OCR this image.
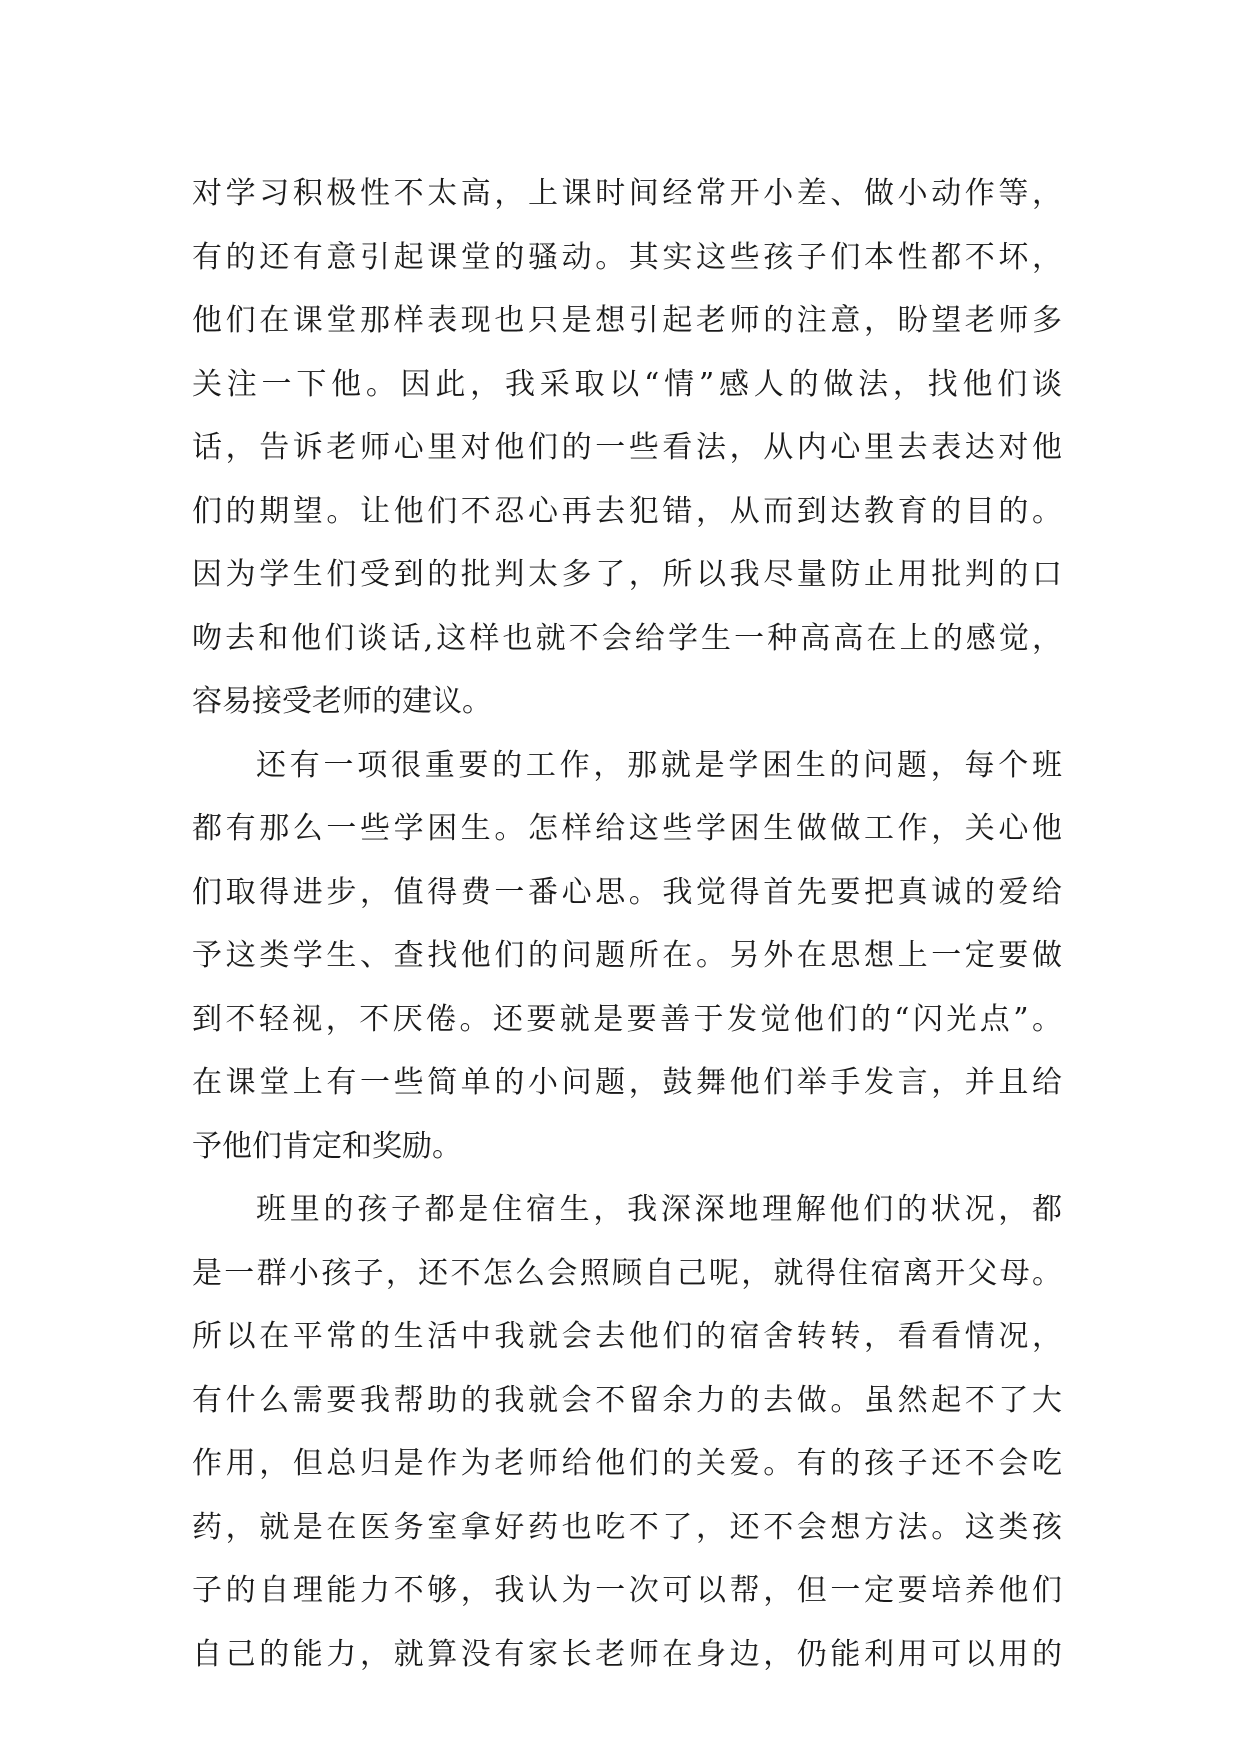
对学习积极性不太高，上课时间经常开小差、做小动作等，
有的还有意引起课堂的骚动。其实这些孩子们本性都不坏，
他们在课堂那样表现也只是想引起老师的注意，盼望老师多
关注一下他。因此，我采取以“情”感人的做法，找他们谈
话，告诉老师心里对他们的一些看法，从内心里去表达对他
们的期望。让他们不忍心再去犯错，从而到达教育的目的。
因为学生们受到的批判太多了，所以我尽量防止用批判的口
吻去和他们谈话,这样也就不会给学生一种高高在上的感觉，
容易接受老师的建议。
还有一项很重要的工作，那就是学困生的问题，每个班
都有那么一些学困生。怎样给这些学困生做做工作，关心他
们取得进步，值得费一番心思。我觉得首先要把真诚的爱给
予这类学生、查找他们的问题所在。另外在思想上一定要做
到不轻视，不厌倦。还要就是要善于发觉他们的“闪光点”。
在课堂上有一些简单的小问题，鼓舞他们举手发言，并且给
予他们肯定和奖励。
班里的孩子都是住宿生，我深深地理解他们的状况，都
是一群小孩子，还不怎么会照顾自己呢，就得住宿离开父母。
所以在平常的生活中我就会去他们的宿舍转转，看看情况，
有什么需要我帮助的我就会不留余力的去做。虽然起不了大
作用，但总归是作为老师给他们的关爱。有的孩子还不会吃
药，就是在医务室拿好药也吃不了，还不会想方法。这类孩
子的自理能力不够，我认为一次可以帮，但一定要培养他们
自己的能力，就算没有家长老师在身边，仍能利用可以用的
